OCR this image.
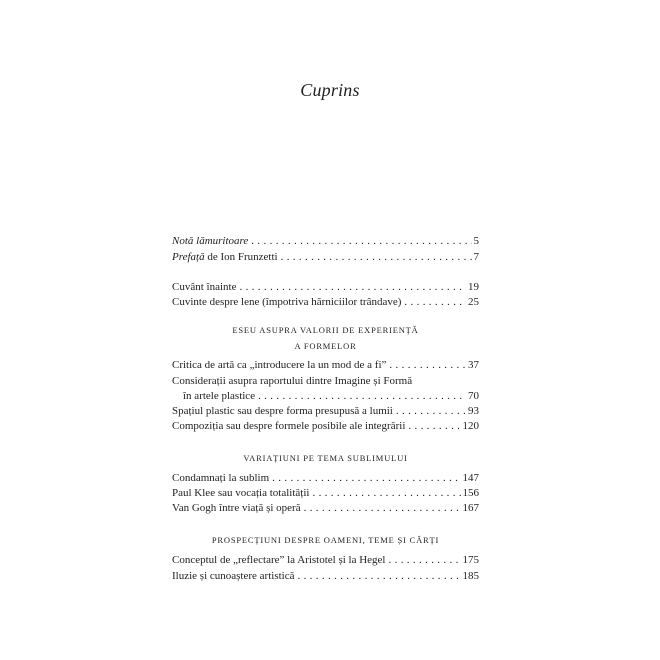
Cuprins
Notă lămuritoare . . .	5
Prefață de Ion Frunzetti . . .	7
Cuvânt înainte . . .	19
Cuvinte despre lene (împotriva hărniciilor trândave) . . .	25
ESEU ASUPRA VALORII DE EXPERIENȚĂ
A FORMELOR
Critica de artă ca „introducere la un mod de a fi” . . .	37
Considerații asupra raportului dintre Imagine și Formă
în artele plastice . . .	70
Spațiul plastic sau despre forma presupusă a lumii . . .	93
Compoziția sau despre formele posibile ale integrării . . .	120
VARIAȚIUNI PE TEMA SUBLIMULUI
Condamnați la sublim . . .	147
Paul Klee sau vocația totalității . . .	156
Van Gogh între viață și operă . . .	167
PROSPECȚIUNI DESPRE OAMENI, TEME ȘI CĂRȚI
Conceptul de „reflectare” la Aristotel și la Hegel . . .	175
Iluzie și cunoaștere artistică . . .	185
